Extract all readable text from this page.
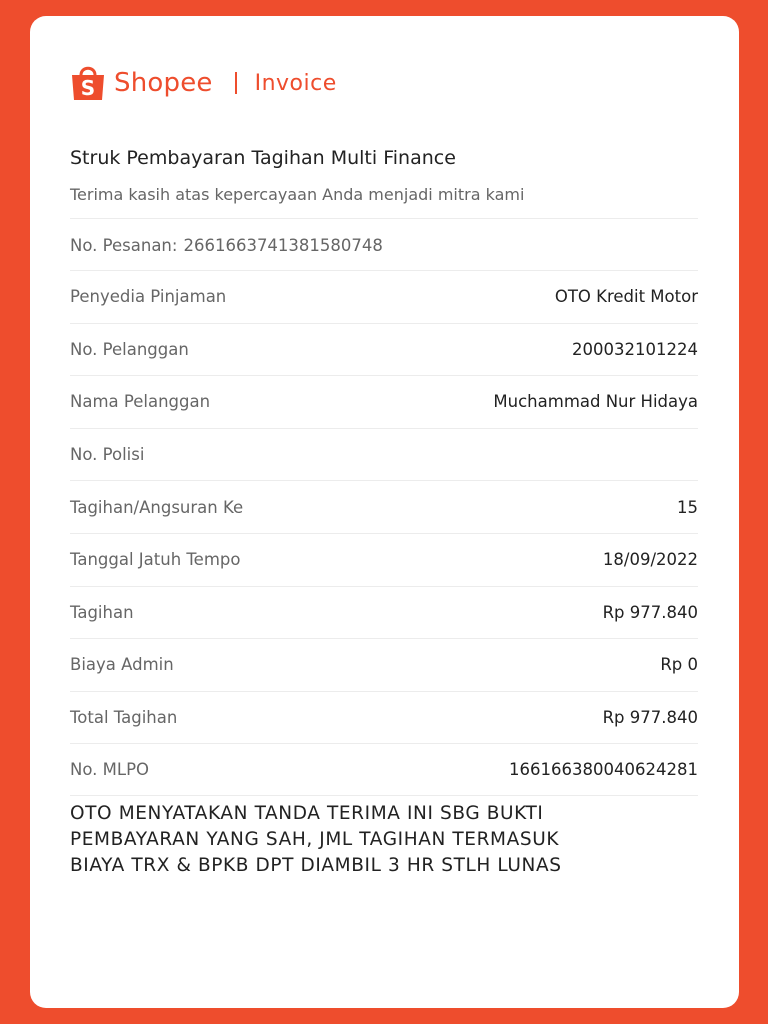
S Shopee Invoice
Struk Pembayaran Tagihan Multi Finance
Terima kasih atas kepercayaan Anda menjadi mitra kami
No. Pesanan: 2661663741381580748
Penyedia Pinjaman	OTO Kredit Motor
No. Pelanggan	200032101224
Nama Pelanggan	Muchammad Nur Hidaya
No. Polisi
Tagihan/Angsuran Ke	15
Tanggal Jatuh Tempo	18/09/2022
Tagihan	Rp 977.840
Biaya Admin	Rp 0
Total Tagihan	Rp 977.840
No. MLPO	166166380040624281
OTO MENYATAKAN TANDA TERIMA INI SBG BUKTI
PEMBAYARAN YANG SAH, JML TAGIHAN TERMASUK
BIAYA TRX & BPKB DPT DIAMBIL 3 HR STLH LUNAS
